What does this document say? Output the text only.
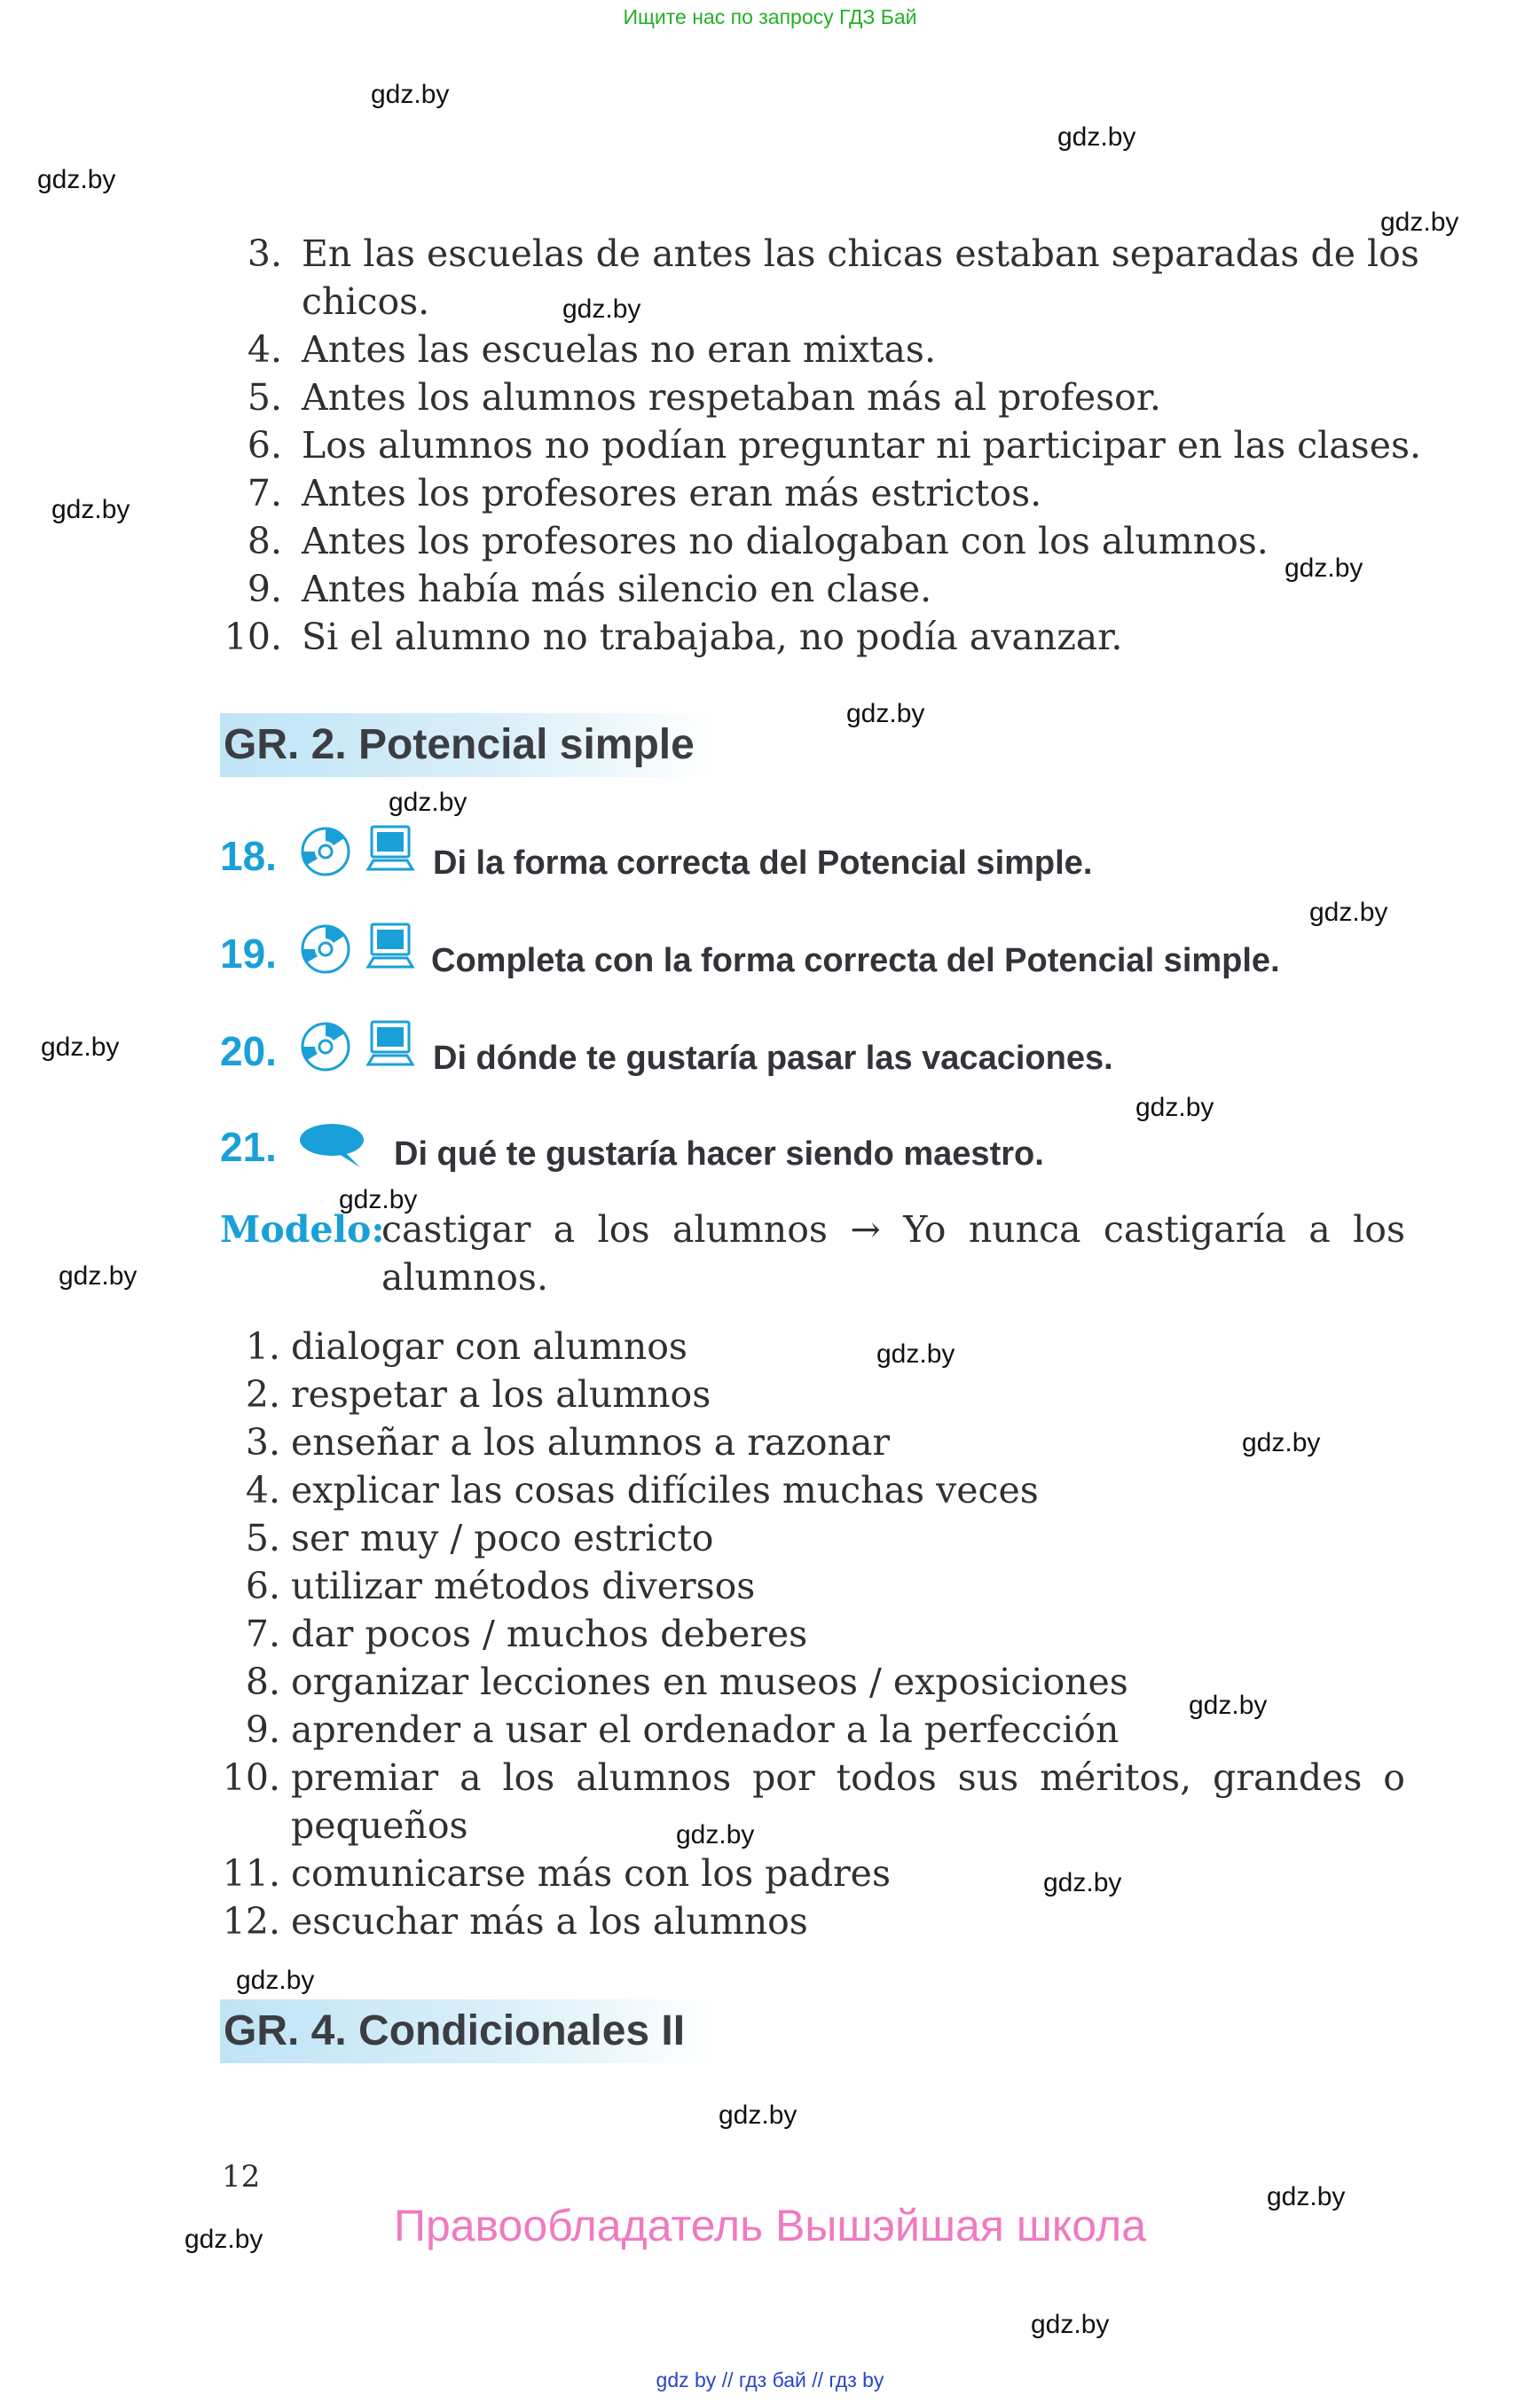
Ищите нас по запросу ГДЗ Бай
gdz.by
gdz.by
gdz.by
gdz.by
gdz.by
gdz.by
gdz.by
gdz.by
gdz.by
gdz.by
gdz.by
gdz.by
gdz.by
gdz.by
gdz.by
gdz.by
gdz.by
gdz.by
gdz.by
gdz.by
gdz.by
gdz.by
gdz.by
gdz.by
3. En las escuelas de antes las chicas estaban separadas de los
chicos.
4. Antes las escuelas no eran mixtas.
5. Antes los alumnos respetaban más al profesor.
6. Los alumnos no podían preguntar ni participar en las clases.
7. Antes los profesores eran más estrictos.
8. Antes los profesores no dialogaban con los alumnos.
9. Antes había más silencio en clase.
10. Si el alumno no trabajaba, no podía avanzar.
GR. 2. Potencial simple
18.	Di la forma correcta del Potencial simple.
19.	Completa con la forma correcta del Potencial simple.
20.	Di dónde te gustaría pasar las vacaciones.
21.	Di qué te gustaría hacer siendo maestro.
Modelo:
castigar a los alumnos → Yo nunca castigaría a los
alumnos.
1. dialogar con alumnos
2. respetar a los alumnos
3. enseñar a los alumnos a razonar
4. explicar las cosas difíciles muchas veces
5. ser muy / poco estricto
6. utilizar métodos diversos
7. dar pocos / muchos deberes
8. organizar lecciones en museos / exposiciones
9. aprender a usar el ordenador a la perfección
10. premiar a los alumnos por todos sus méritos, grandes o
pequeños
11. comunicarse más con los padres
12. escuchar más a los alumnos
GR. 4. Condicionales II
12
Правообладатель Вышэйшая школа
gdz by // гдз бай // гдз by
